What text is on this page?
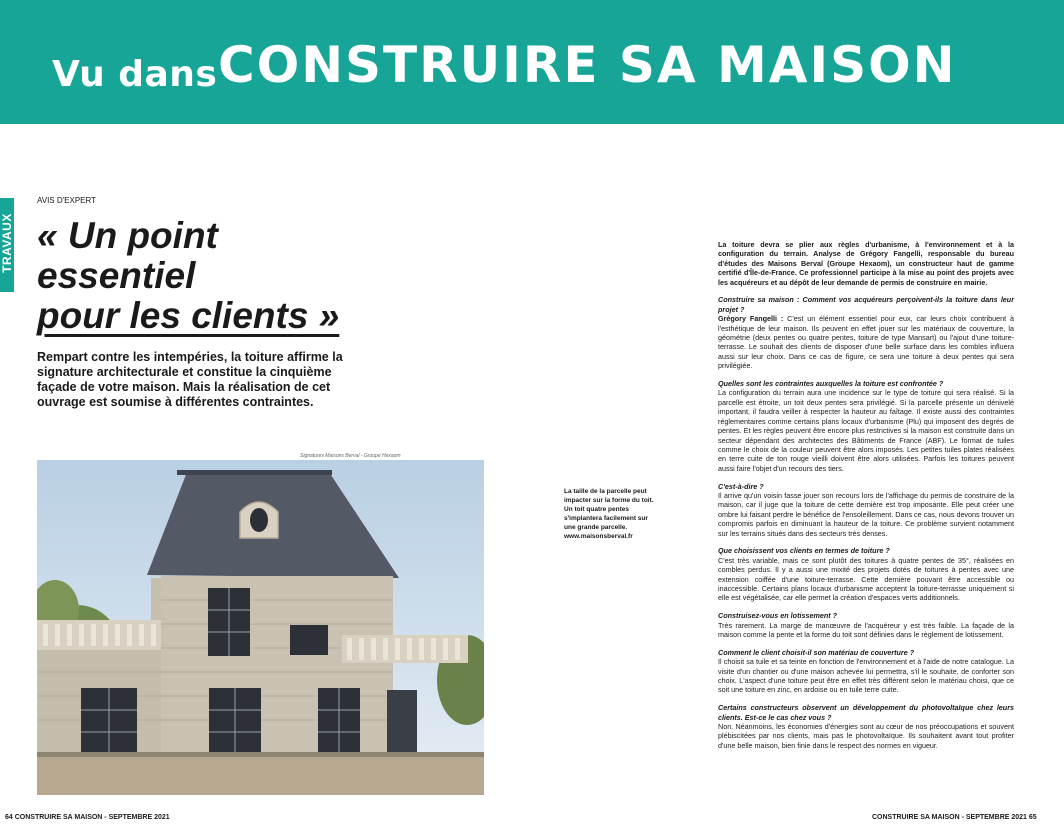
Vu dans CONSTRUIRE SA MAISON
TRAVAUX
AVIS D'EXPERT
« Un point
essentiel
pour les clients »

Rempart contre les intempéries, la toiture affirme la signature architecturale et constitue la cinquième façade de votre maison. Mais la réalisation de cet ouvrage est soumise à différentes contraintes.

Signatures Maisons Berval - Groupe Hexaom

La taille de la parcelle peut impacter sur la forme du toit. Un toit quatre pentes s'implantera facilement sur une grande parcelle. www.maisonsberval.fr

La toiture devra se plier aux règles d'urbanisme, à l'environnement et à la configuration du terrain. Analyse de Grégory Fangelli, responsable du bureau d'études des Maisons Berval (Groupe Hexaom), un constructeur haut de gamme certifié d'Île-de-France. Ce professionnel participe à la mise au point des projets avec les acquéreurs et au dépôt de leur demande de permis de construire en mairie.

Construire sa maison : Comment vos acquéreurs perçoivent-ils la toiture dans leur projet ?

Grégory Fangelli : C'est un élément essentiel pour eux, car leurs choix contribuent à l'esthétique de leur maison. Ils peuvent en effet jouer sur les matériaux de couverture, la géométrie (deux pentes ou quatre pentes, toiture de type Mansart) ou l'ajout d'une toiture-terrasse. Le souhait des clients de disposer d'une belle surface dans les combles influera aussi sur leur choix. Dans ce cas de figure, ce sera une toiture à deux pentes qui sera privilégiée.

Quelles sont les contraintes auxquelles la toiture est confrontée ?

La configuration du terrain aura une incidence sur le type de toiture qui sera réalisé. Si la parcelle est étroite, un toit deux pentes sera privilégié. Si la parcelle présente un dénivelé important, il faudra veiller à respecter la hauteur au faîtage. Il existe aussi des contraintes réglementaires comme certains plans locaux d'urbanisme (Plu) qui imposent des degrés de pentes. Et les règles peuvent être encore plus restrictives si la maison est construite dans un secteur dépendant des architectes des Bâtiments de France (ABF). Le format de tuiles comme le choix de la couleur peuvent être alors imposés. Les petites tuiles plates réalisées en terre cuite de ton rouge vieilli doivent être alors utilisées. Parfois les toitures peuvent aussi faire l'objet d'un recours des tiers.

C'est-à-dire ?

Il arrive qu'un voisin fasse jouer son recours lors de l'affichage du permis de construire de la maison, car il juge que la toiture de cette dernière est trop imposante. Elle peut créer une ombre lui faisant perdre le bénéfice de l'ensoleillement. Dans ce cas, nous devons trouver un compromis parfois en diminuant la hauteur de la toiture. Ce problème survient notamment sur les terrains situés dans des secteurs très denses.

Que choisissent vos clients en termes de toiture ?

C'est très variable, mais ce sont plutôt des toitures à quatre pentes de 35°, réalisées en combles perdus. Il y a aussi une mixité des projets dotés de toitures à pentes avec une extension coiffée d'une toiture-terrasse. Cette dernière pouvant être accessible ou inaccessible. Certains plans locaux d'urbanisme acceptent la toiture-terrasse uniquement si elle est végétalisée, car elle permet la création d'espaces verts additionnels.

Construisez-vous en lotissement ?

Très rarement. La marge de manœuvre de l'acquéreur y est très faible. La façade de la maison comme la pente et la forme du toit sont définies dans le règlement de lotissement.

Comment le client choisit-il son matériau de couverture ?

Il choisit sa tuile et sa teinte en fonction de l'environnement et à l'aide de notre catalogue. La visite d'un chantier ou d'une maison achevée lui permettra, s'il le souhaite, de conforter son choix. L'aspect d'une toiture peut être en effet très différent selon le matériau choisi, que ce soit une toiture en zinc, en ardoise ou en tuile terre cuite.

Certains constructeurs observent un développement du photovoltaïque chez leurs clients. Est-ce le cas chez vous ?

Non. Néanmoins, les économies d'énergies sont au cœur de nos préoccupations et souvent plébiscitées par nos clients, mais pas le photovoltaïque. Ils souhaitent avant tout profiter d'une belle maison, bien finie dans le respect des normes en vigueur.

64 CONSTRUIRE SA MAISON - SEPTEMBRE 2021	CONSTRUIRE SA MAISON - SEPTEMBRE 2021 65
